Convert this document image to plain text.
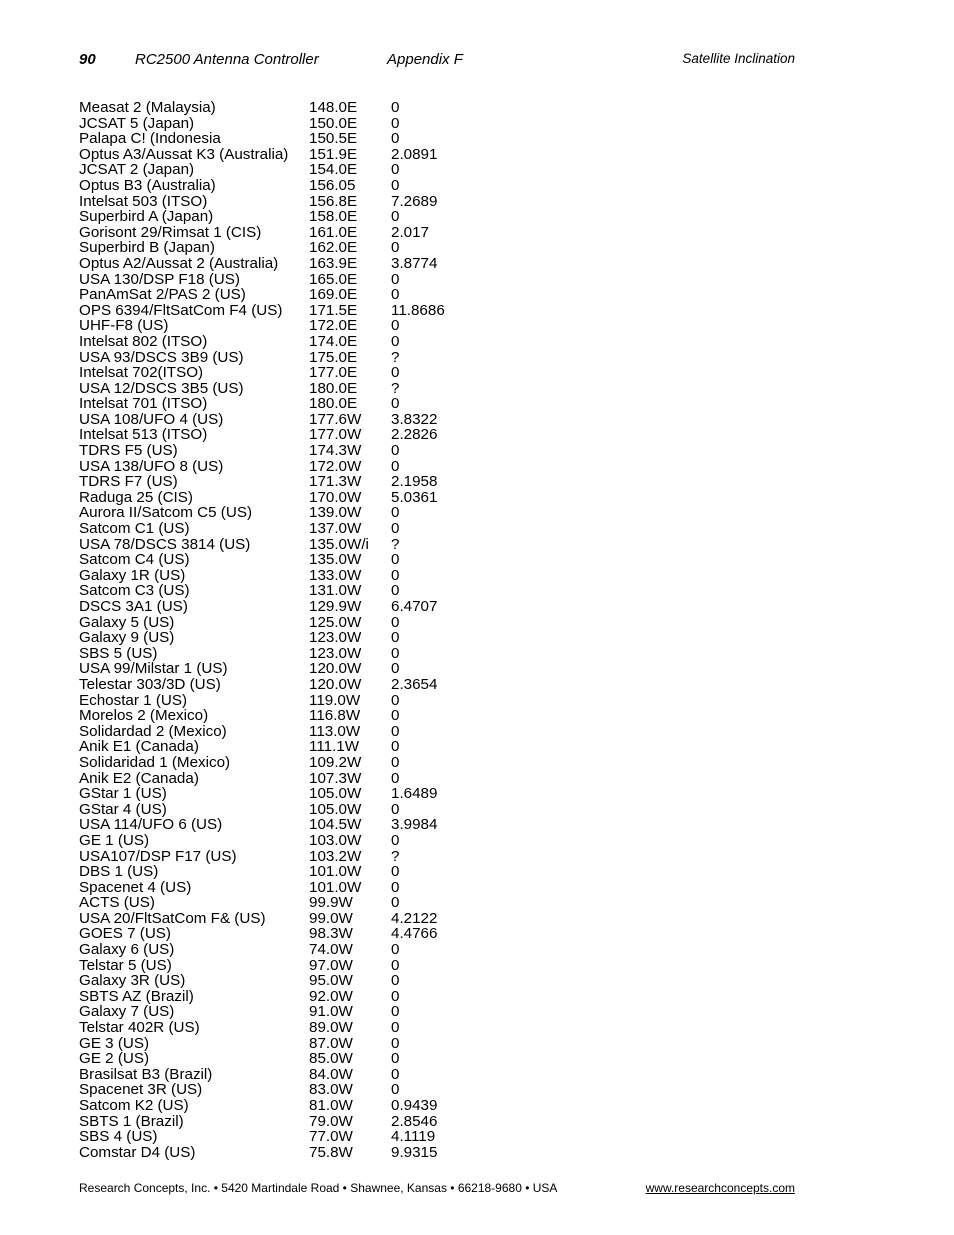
90	RC2500 Antenna Controller	Appendix F	Satellite Inclination
Measat 2 (Malaysia)	148.0E 0
JCSAT 5 (Japan)	150.0E 0
Palapa C! (Indonesia	150.5E 0
Optus A3/Aussat K3 (Australia) 151.9E 2.0891
JCSAT 2 (Japan)	154.0E 0
Optus B3 (Australia)	156.05 0
Intelsat 503 (ITSO)	156.8E 7.2689
Superbird A (Japan)	158.0E 0
Gorisont 29/Rimsat 1 (CIS)	161.0E 2.017
Superbird B (Japan)	162.0E 0
Optus A2/Aussat 2 (Australia) 163.9E 3.8774
USA 130/DSP F18 (US)	165.0E 0
PanAmSat 2/PAS 2 (US)	169.0E 0
OPS 6394/FltSatCom F4 (US) 171.5E 11.8686
UHF-F8 (US)	172.0E 0
Intelsat 802 (ITSO)	174.0E 0
USA 93/DSCS 3B9 (US)	175.0E ?
Intelsat 702(ITSO)	177.0E 0
USA 12/DSCS 3B5 (US)	180.0E ?
Intelsat 701 (ITSO)	180.0E 0
USA 108/UFO 4 (US)	177.6W 3.8322
Intelsat 513 (ITSO)	177.0W 2.2826
TDRS F5 (US)	174.3W 0
USA 138/UFO 8 (US)	172.0W 0
TDRS F7 (US)	171.3W 2.1958
Raduga 25 (CIS)	170.0W 5.0361
Aurora II/Satcom C5 (US)	139.0W 0
Satcom C1 (US)	137.0W 0
USA 78/DSCS 3814 (US)	135.0W/i ?
Satcom C4 (US)	135.0W 0
Galaxy 1R (US)	133.0W 0
Satcom C3 (US)	131.0W 0
DSCS 3A1 (US)	129.9W 6.4707
Galaxy 5 (US)	125.0W 0
Galaxy 9 (US)	123.0W 0
SBS 5 (US)	123.0W 0
USA 99/Milstar 1 (US)	120.0W 0
Telestar 303/3D (US)	120.0W 2.3654
Echostar 1 (US)	119.0W 0
Morelos 2 (Mexico)	116.8W 0
Solidardad 2 (Mexico)	113.0W 0
Anik E1 (Canada)	111.1W 0
Solidaridad 1 (Mexico)	109.2W 0
Anik E2 (Canada)	107.3W 0
GStar 1 (US)	105.0W 1.6489
GStar 4 (US)	105.0W 0
USA 114/UFO 6 (US)	104.5W 3.9984
GE 1 (US)	103.0W 0
USA107/DSP F17 (US)	103.2W ?
DBS 1 (US)	101.0W 0
Spacenet 4 (US)	101.0W 0
ACTS (US)	99.9W	0
USA 20/FltSatCom F& (US)	99.0W	4.2122
GOES 7 (US)	98.3W	4.4766
Galaxy 6 (US)	74.0W	0
Telstar 5 (US)	97.0W	0
Galaxy 3R (US)	95.0W	0
SBTS AZ (Brazil)	92.0W	0
Galaxy 7 (US)	91.0W	0
Telstar 402R (US)	89.0W	0
GE 3 (US)	87.0W	0
GE 2 (US)	85.0W	0
Brasilsat B3 (Brazil)	84.0W	0
Spacenet 3R (US)	83.0W	0
Satcom K2 (US)	81.0W	0.9439
SBTS 1 (Brazil)	79.0W	2.8546
SBS 4 (US)	77.0W	4.1119
Comstar D4 (US)	75.8W	9.9315
Research Concepts, Inc. • 5420 Martindale Road • Shawnee, Kansas • 66218-9680 • USA	www.researchconcepts.com
